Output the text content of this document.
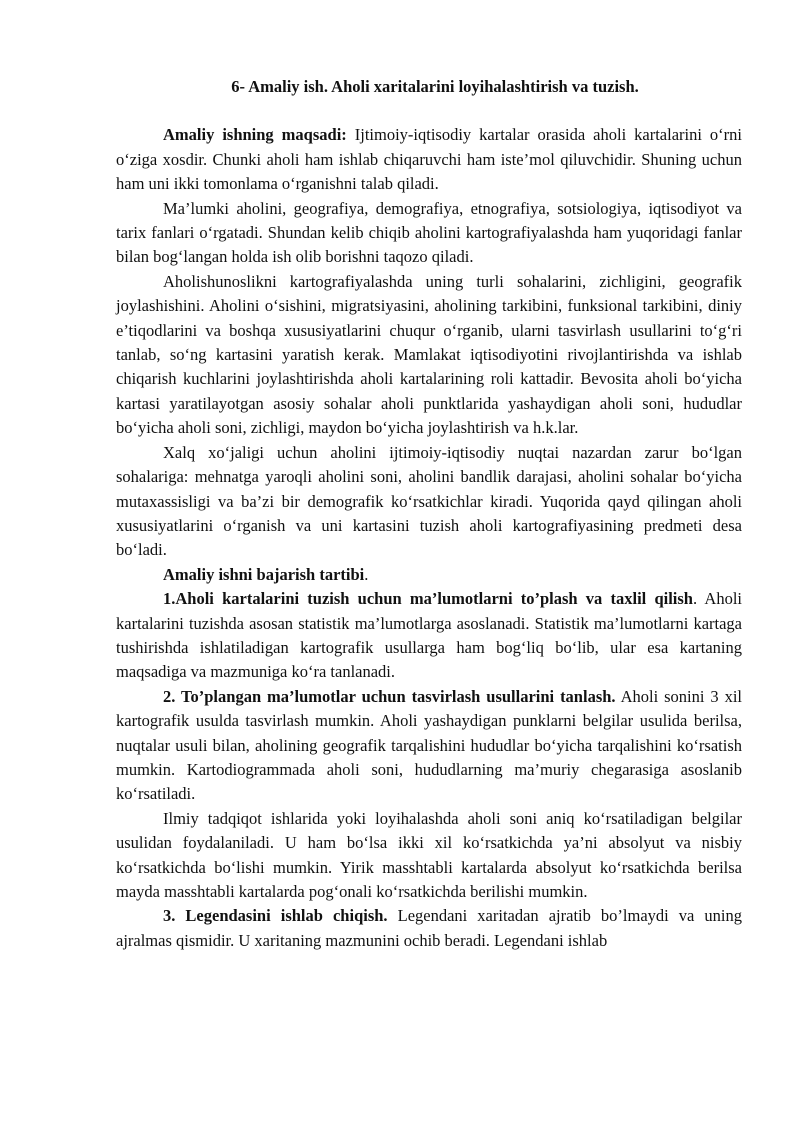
6- Amaliy ish. Aholi xaritalarini loyihalashtirish va tuzish.

Amaliy ishning maqsadi: Ijtimoiy-iqtisodiy kartalar orasida aholi kartalarini o‘rni o‘ziga xosdir. Chunki aholi ham ishlab chiqaruvchi ham iste’mol qiluvchidir. Shuning uchun ham uni ikki tomonlama o‘rganishni talab qiladi.

Ma’lumki aholini, geografiya, demografiya, etnografiya, sotsiologiya, iqtisodiyot va tarix fanlari o‘rgatadi. Shundan kelib chiqib aholini kartografiyalashda ham yuqoridagi fanlar bilan bog‘langan holda ish olib borishni taqozo qiladi.

Aholishunoslikni kartografiyalashda uning turli sohalarini, zichligini, geografik joylashishini. Aholini o‘sishini, migratsiyasini, aholining tarkibini, funksional tarkibini, diniy e’tiqodlarini va boshqa xususiyatlarini chuqur o‘rganib, ularni tasvirlash usullarini to‘g‘ri tanlab, so‘ng kartasini yaratish kerak. Mamlakat iqtisodiyotini rivojlantirishda va ishlab chiqarish kuchlarini joylashtirishda aholi kartalarining roli kattadir. Bevosita aholi bo‘yicha kartasi yaratilayotgan asosiy sohalar aholi punktlarida yashaydigan aholi soni, hududlar bo‘yicha aholi soni, zichligi, maydon bo‘yicha joylashtirish va h.k.lar.

Xalq xo‘jaligi uchun aholini ijtimoiy-iqtisodiy nuqtai nazardan zarur bo‘lgan sohalariga: mehnatga yaroqli aholini soni, aholini bandlik darajasi, aholini sohalar bo‘yicha mutaxassisligi va ba’zi bir demografik ko‘rsatkichlar kiradi. Yuqorida qayd qilingan aholi xususiyatlarini o‘rganish va uni kartasini tuzish aholi kartografiyasining predmeti desa bo‘ladi.

Amaliy ishni bajarish tartibi.

1.Aholi kartalarini tuzish uchun ma’lumotlarni to’plash va taxlil qilish. Aholi kartalarini tuzishda asosan statistik ma’lumotlarga asoslanadi. Statistik ma’lumotlarni kartaga tushirishda ishlatiladigan kartografik usullarga ham bog‘liq bo‘lib, ular esa kartaning maqsadiga va mazmuniga ko‘ra tanlanadi.

2. To’plangan ma’lumotlar uchun tasvirlash usullarini tanlash. Aholi sonini 3 xil kartografik usulda tasvirlash mumkin. Aholi yashaydigan punklarni belgilar usulida berilsa, nuqtalar usuli bilan, aholining geografik tarqalishini hududlar bo‘yicha tarqalishini ko‘rsatish mumkin. Kartodiogrammada aholi soni, hududlarning ma’muriy chegarasiga asoslanib ko‘rsatiladi.

Ilmiy tadqiqot ishlarida yoki loyihalashda aholi soni aniq ko‘rsatiladigan belgilar usulidan foydalaniladi. U ham bo‘lsa ikki xil ko‘rsatkichda ya’ni absolyut va nisbiy ko‘rsatkichda bo‘lishi mumkin. Yirik masshtabli kartalarda absolyut ko‘rsatkichda berilsa mayda masshtabli kartalarda pog‘onali ko‘rsatkichda berilishi mumkin.

3. Legendasini ishlab chiqish. Legendani xaritadan ajratib bo’lmaydi va uning ajralmas qismidir. U xaritaning mazmunini ochib beradi. Legendani ishlab
